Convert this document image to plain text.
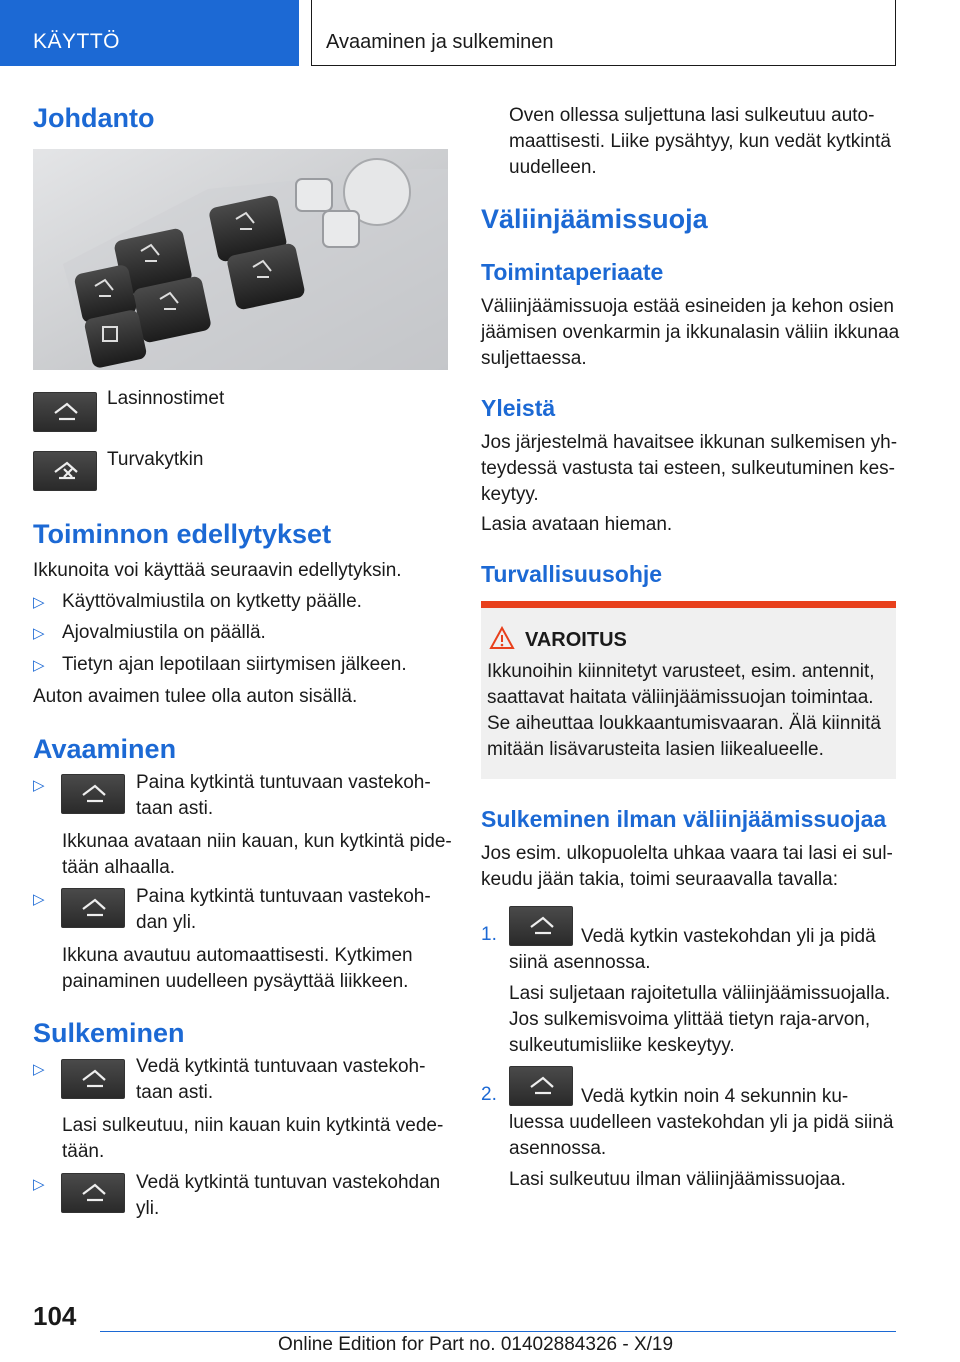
KÄYTTÖ	Avaaminen ja sulkeminen
Johdanto
Lasinnostimet
Turvakytkin
Toiminnon edellytykset
Ikkunoita voi käyttää seuraavin edellytyksin.
▷ Käyttövalmiustila on kytketty päälle.
▷ Ajovalmiustila on päällä.
▷ Tietyn ajan lepotilaan siirtymisen jälkeen.
Auton avaimen tulee olla auton sisällä.
Avaaminen
▷	Paina kytkintä tuntuvaan vastekoh-
taan asti.
Ikkunaa avataan niin kauan, kun kytkintä pide-
tään alhaalla.
▷	Paina kytkintä tuntuvaan vastekoh-
dan yli.
Ikkuna avautuu automaattisesti. Kytkimen
painaminen uudelleen pysäyttää liikkeen.
Sulkeminen
▷	Vedä kytkintä tuntuvaan vastekoh-
taan asti.
Lasi sulkeutuu, niin kauan kuin kytkintä vede-
tään.
▷	Vedä kytkintä tuntuvan vastekohdan
yli.
Oven ollessa suljettuna lasi sulkeutuu auto-
maattisesti. Liike pysähtyy, kun vedät kytkintä
uudelleen.
Väliinjäämissuoja
Toimintaperiaate
Väliinjäämissuoja estää esineiden ja kehon osien
jäämisen ovenkarmin ja ikkunalasin väliin ikkunaa
suljettaessa.
Yleistä
Jos järjestelmä havaitsee ikkunan sulkemisen yh-
teydessä vastusta tai esteen, sulkeutuminen kes-
keytyy.
Lasia avataan hieman.
Turvallisuusohje
VAROITUS
Ikkunoihin kiinnitetyt varusteet, esim. antennit,
saattavat haitata väliinjäämissuojan toimintaa.
Se aiheuttaa loukkaantumisvaaran. Älä kiinnitä
mitään lisävarusteita lasien liikealueelle.
Sulkeminen ilman väliinjäämissuojaa
Jos esim. ulkopuolelta uhkaa vaara tai lasi ei sul-
keudu jään takia, toimi seuraavalla tavalla:
1.	Vedä kytkin vastekohdan yli ja pidä
siinä asennossa.
Lasi suljetaan rajoitetulla väliinjäämissuojalla.
Jos sulkemisvoima ylittää tietyn raja-arvon,
sulkeutumisliike keskeytyy.
2.	Vedä kytkin noin 4 sekunnin ku-
luessa uudelleen vastekohdan yli ja pidä siinä
asennossa.
Lasi sulkeutuu ilman väliinjäämissuojaa.
104
Online Edition for Part no. 01402884326 - X/19
